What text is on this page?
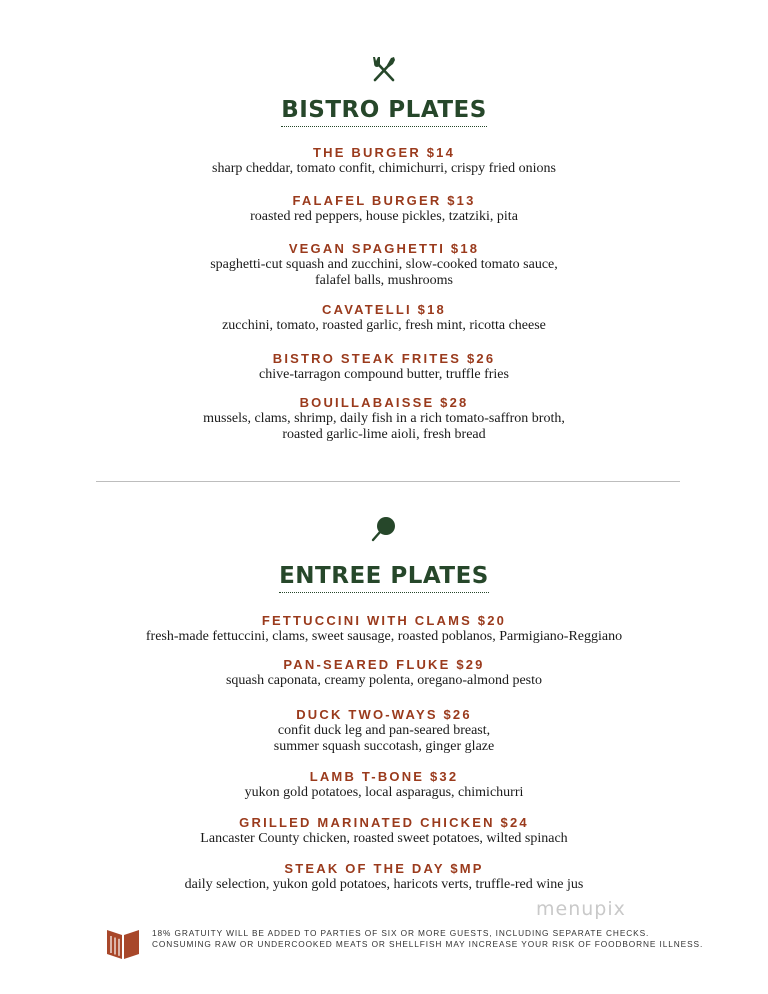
BISTRO PLATES
THE BURGER $14
sharp cheddar, tomato confit, chimichurri, crispy fried onions
FALAFEL BURGER $13
roasted red peppers, house pickles, tzatziki, pita
VEGAN SPAGHETTI $18
spaghetti-cut squash and zucchini, slow-cooked tomato sauce,
falafel balls, mushrooms
CAVATELLI $18
zucchini, tomato, roasted garlic, fresh mint, ricotta cheese
BISTRO STEAK FRITES $26
chive-tarragon compound butter, truffle fries
BOUILLABAISSE $28
mussels, clams, shrimp, daily fish in a rich tomato-saffron broth,
roasted garlic-lime aioli, fresh bread
ENTREE PLATES
FETTUCCINI WITH CLAMS $20
fresh-made fettuccini, clams, sweet sausage, roasted poblanos, Parmigiano-Reggiano
PAN-SEARED FLUKE $29
squash caponata, creamy polenta, oregano-almond pesto
DUCK TWO-WAYS $26
confit duck leg and pan-seared breast,
summer squash succotash, ginger glaze
LAMB T-BONE $32
yukon gold potatoes, local asparagus, chimichurri
GRILLED MARINATED CHICKEN $24
Lancaster County chicken, roasted sweet potatoes, wilted spinach
STEAK OF THE DAY $MP
daily selection, yukon gold potatoes, haricots verts, truffle-red wine jus
menupix
18% GRATUITY WILL BE ADDED TO PARTIES OF SIX OR MORE GUESTS, INCLUDING SEPARATE CHECKS.
CONSUMING RAW OR UNDERCOOKED MEATS OR SHELLFISH MAY INCREASE YOUR RISK OF FOODBORNE ILLNESS.
